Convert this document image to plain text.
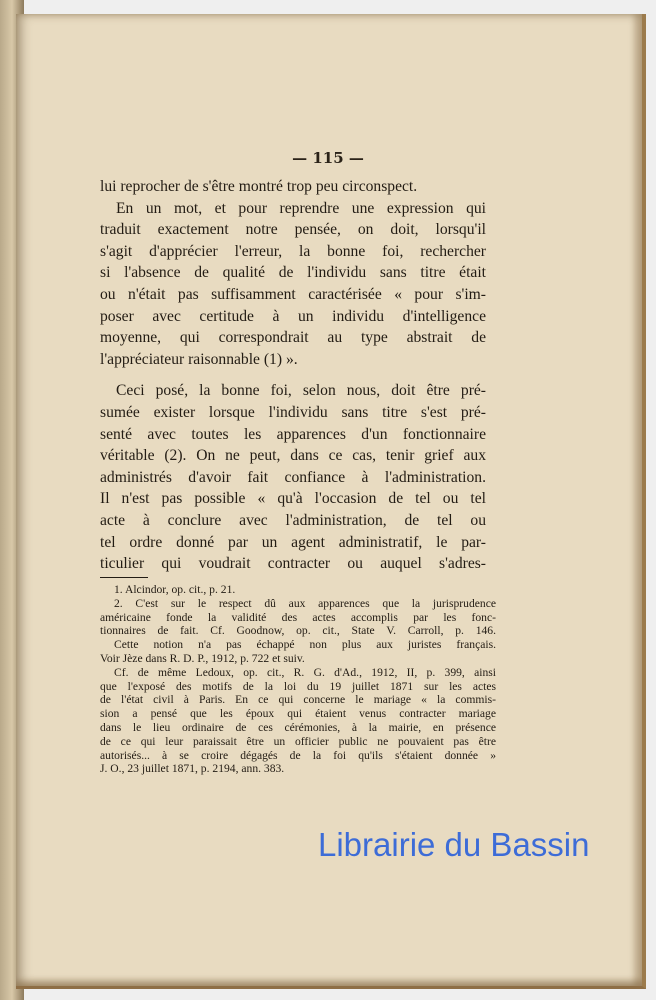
— 115 —
lui reprocher de s'être montré trop peu circonspect.
En un mot, et pour reprendre une expression qui
traduit exactement notre pensée, on doit, lorsqu'il
s'agit d'apprécier l'erreur, la bonne foi, rechercher
si l'absence de qualité de l'individu sans titre était
ou n'était pas suffisamment caractérisée « pour s'im-
poser avec certitude à un individu d'intelligence
moyenne, qui correspondrait au type abstrait de
l'appréciateur raisonnable (1) ».
Ceci posé, la bonne foi, selon nous, doit être pré-
sumée exister lorsque l'individu sans titre s'est pré-
senté avec toutes les apparences d'un fonctionnaire
véritable (2). On ne peut, dans ce cas, tenir grief aux
administrés d'avoir fait confiance à l'administration.
Il n'est pas possible « qu'à l'occasion de tel ou tel
acte à conclure avec l'administration, de tel ou
tel ordre donné par un agent administratif, le par-
ticulier qui voudrait contracter ou auquel s'adres-
1. Alcindor, op. cit., p. 21.
2. C'est sur le respect dû aux apparences que la jurisprudence
américaine fonde la validité des actes accomplis par les fonc-
tionnaires de fait. Cf. Goodnow, op. cit., State V. Carroll, p. 146.
Cette notion n'a pas échappé non plus aux juristes français.
Voir Jèze dans R. D. P., 1912, p. 722 et suiv.
Cf. de même Ledoux, op. cit., R. G. d'Ad., 1912, II, p. 399, ainsi
que l'exposé des motifs de la loi du 19 juillet 1871 sur les actes
de l'état civil à Paris. En ce qui concerne le mariage « la commis-
sion a pensé que les époux qui étaient venus contracter mariage
dans le lieu ordinaire de ces cérémonies, à la mairie, en présence
de ce qui leur paraissait être un officier public ne pouvaient pas être
autorisés... à se croire dégagés de la foi qu'ils s'étaient donnée »
J. O., 23 juillet 1871, p. 2194, ann. 383.
Librairie du Bassin
